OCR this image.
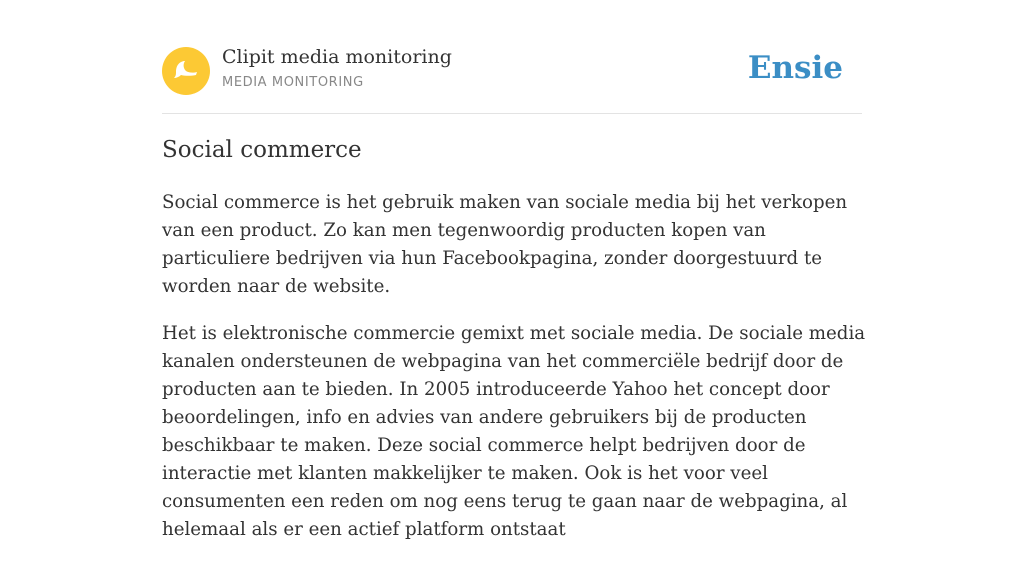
Clipit media monitoring
MEDIA MONITORING	Ensie
Social commerce

Social commerce is het gebruik maken van sociale media bij het verkopen van een product. Zo kan men tegenwoordig producten kopen van particuliere bedrijven via hun Facebookpagina, zonder doorgestuurd te worden naar de website.

Het is elektronische commercie gemixt met sociale media. De sociale media kanalen ondersteunen de webpagina van het commerciële bedrijf door de producten aan te bieden. In 2005 introduceerde Yahoo het concept door beoordelingen, info en advies van andere gebruikers bij de producten beschikbaar te maken. Deze social commerce helpt bedrijven door de interactie met klanten makkelijker te maken. Ook is het voor veel consumenten een reden om nog eens terug te gaan naar de webpagina, al helemaal als er een actief platform ontstaat
